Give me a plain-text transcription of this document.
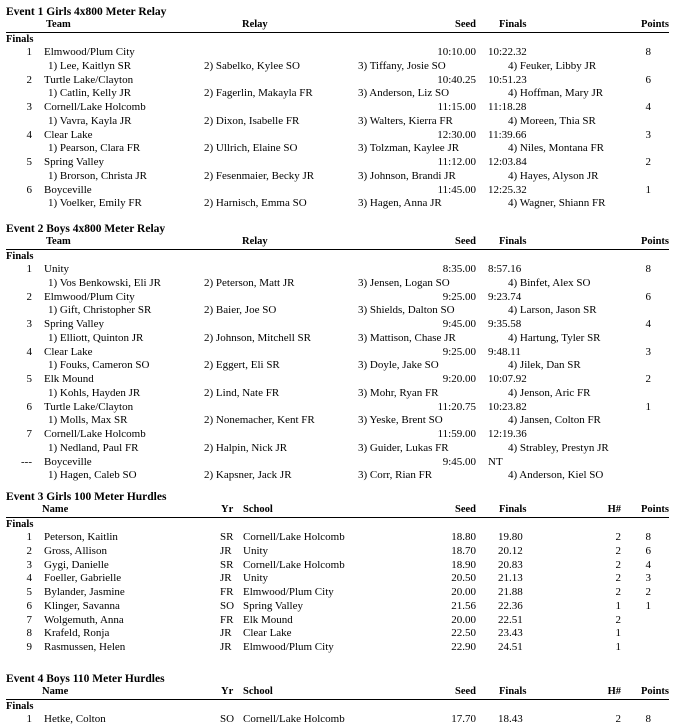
Event 1 Girls 4x800 Meter Relay
Team	Relay	Seed Finals	Points
Finals
1 Elmwood/Plum City	10:10.00 10:22.32	8
1) Lee, Kaitlyn SR	2) Sabelko, Kylee SO	3) Tiffany, Josie SO	4) Feuker, Libby JR
2 Turtle Lake/Clayton	10:40.25 10:51.23	6
1) Catlin, Kelly JR	2) Fagerlin, Makayla FR	3) Anderson, Liz SO	4) Hoffman, Mary JR
3 Cornell/Lake Holcomb	11:15.00 11:18.28	4
1) Vavra, Kayla JR	2) Dixon, Isabelle FR	3) Walters, Kierra FR	4) Moreen, Thia SR
4 Clear Lake	12:30.00 11:39.66	3
1) Pearson, Clara FR	2) Ullrich, Elaine SO	3) Tolzman, Kaylee JR	4) Niles, Montana FR
5 Spring Valley	11:12.00 12:03.84	2
1) Brorson, Christa JR	2) Fesenmaier, Becky JR	3) Johnson, Brandi JR	4) Hayes, Alyson JR
6 Boyceville	11:45.00 12:25.32	1
1) Voelker, Emily FR	2) Harnisch, Emma SO	3) Hagen, Anna JR	4) Wagner, Shiann FR
Event 2 Boys 4x800 Meter Relay
Team	Relay	Seed Finals	Points
Finals
1 Unity	8:35.00 8:57.16	8
1) Vos Benkowski, Eli JR	2) Peterson, Matt JR	3) Jensen, Logan SO	4) Binfet, Alex SO
2 Elmwood/Plum City	9:25.00 9:23.74	6
1) Gift, Christopher SR	2) Baier, Joe SO	3) Shields, Dalton SO	4) Larson, Jason SR
3 Spring Valley	9:45.00 9:35.58	4
1) Elliott, Quinton JR	2) Johnson, Mitchell SR	3) Mattison, Chase JR	4) Hartung, Tyler SR
4 Clear Lake	9:25.00 9:48.11	3
1) Fouks, Cameron SO	2) Eggert, Eli SR	3) Doyle, Jake SO	4) Jilek, Dan SR
5 Elk Mound	9:20.00 10:07.92	2
1) Kohls, Hayden JR	2) Lind, Nate FR	3) Mohr, Ryan FR	4) Jenson, Aric FR
6 Turtle Lake/Clayton	11:20.75 10:23.82	1
1) Molls, Max SR	2) Nonemacher, Kent FR	3) Yeske, Brent SO	4) Jansen, Colton FR
7 Cornell/Lake Holcomb	11:59.00 12:19.36
1) Nedland, Paul FR	2) Halpin, Nick JR	3) Guider, Lukas FR	4) Strabley, Prestyn JR
--- Boyceville	9:45.00 NT
1) Hagen, Caleb SO	2) Kapsner, Jack JR	3) Corr, Rian FR	4) Anderson, Kiel SO
Event 3 Girls 100 Meter Hurdles
Name	Yr School	Seed Finals	H#	Points
Finals
1 Peterson, Kaitlin	SR Cornell/Lake Holcomb	18.80 19.80	2	8
2 Gross, Allison	JR Unity	18.70 20.12	2	6
3 Gygi, Danielle	SR Cornell/Lake Holcomb	18.90 20.83	2	4
4 Foeller, Gabrielle	JR Unity	20.50 21.13	2	3
5 Bylander, Jasmine	FR Elmwood/Plum City	20.00 21.88	2	2
6 Klinger, Savanna	SO Spring Valley	21.56 22.36	1	1
7 Wolgemuth, Anna	FR Elk Mound	20.00 22.51	2
8 Krafeld, Ronja	JR Clear Lake	22.50 23.43	1
9 Rasmussen, Helen	JR Elmwood/Plum City	22.90 24.51	1
Event 4 Boys 110 Meter Hurdles
Name	Yr School	Seed Finals	H#	Points
Finals
1 Hetke, Colton	SO Cornell/Lake Holcomb	17.70 18.43	2	8
